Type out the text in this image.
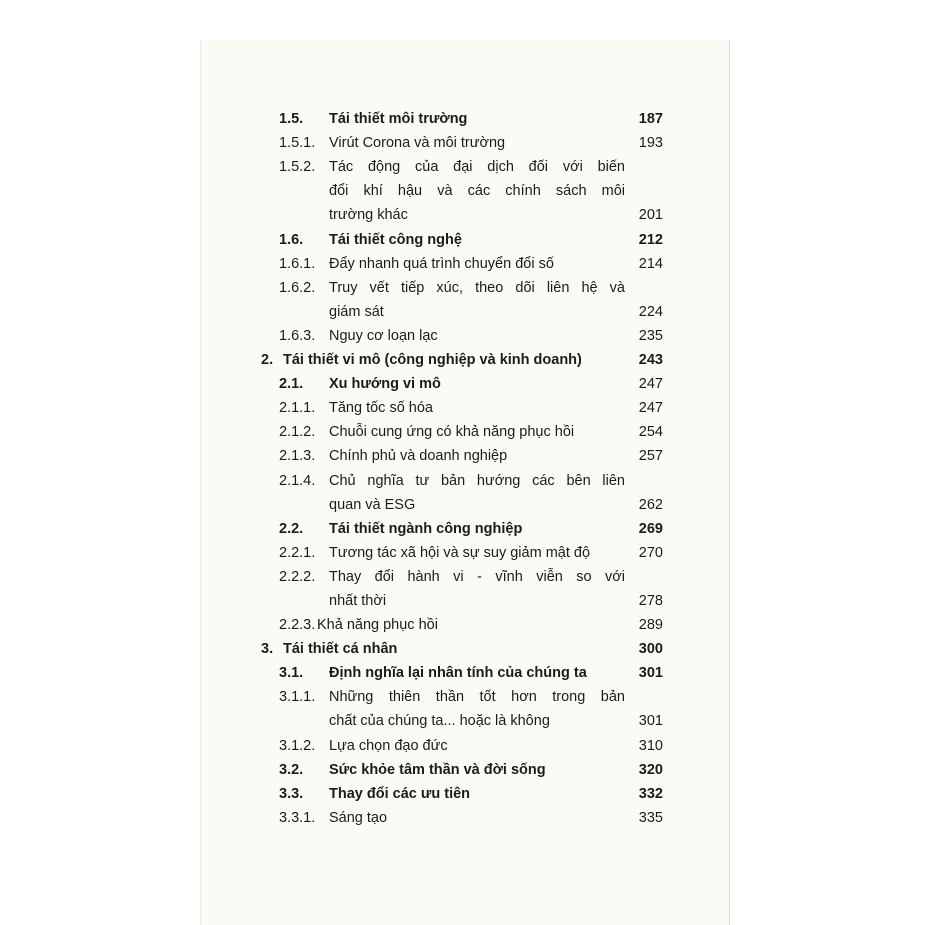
1.5. Tái thiết môi trường	187
1.5.1. Virút Corona và môi trường	193
1.5.2. Tác động của đại dịch đối với biến
đổi khí hậu và các chính sách môi
trường khác	201
1.6. Tái thiết công nghệ	212
1.6.1. Đẩy nhanh quá trình chuyển đổi số	214
1.6.2. Truy vết tiếp xúc, theo dõi liên hệ và
giám sát	224
1.6.3. Nguy cơ loạn lạc	235
2. Tái thiết vi mô (công nghiệp và kinh doanh)	243
2.1. Xu hướng vi mô	247
2.1.1. Tăng tốc số hóa	247
2.1.2. Chuỗi cung ứng có khả năng phục hồi	254
2.1.3. Chính phủ và doanh nghiệp	257
2.1.4. Chủ nghĩa tư bản hướng các bên liên
quan và ESG	262
2.2. Tái thiết ngành công nghiệp	269
2.2.1. Tương tác xã hội và sự suy giảm mật độ	270
2.2.2. Thay đổi hành vi - vĩnh viễn so với
nhất thời	278
2.2.3. Khả năng phục hồi	289
3. Tái thiết cá nhân	300
3.1. Định nghĩa lại nhân tính của chúng ta	301
3.1.1. Những thiên thần tốt hơn trong bản
chất của chúng ta... hoặc là không	301
3.1.2. Lựa chọn đạo đức	310
3.2. Sức khỏe tâm thần và đời sống	320
3.3. Thay đổi các ưu tiên	332
3.3.1. Sáng tạo	335
